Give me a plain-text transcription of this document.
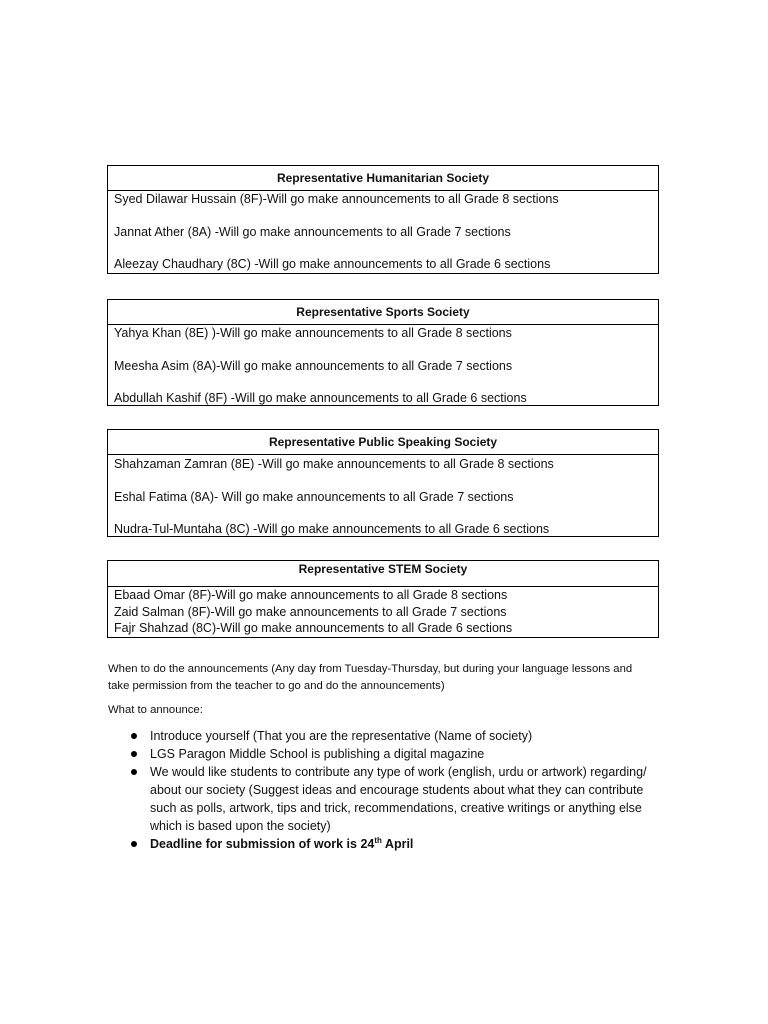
Representative Humanitarian Society
Syed Dilawar Hussain (8F)-Will go make announcements to all Grade 8 sections
Jannat Ather (8A) -Will go make announcements to all Grade 7 sections
Aleezay Chaudhary (8C) -Will go make announcements to all Grade 6 sections
Representative Sports Society
Yahya Khan (8E) )-Will go make announcements to all Grade 8 sections
Meesha Asim (8A)-Will go make announcements to all Grade 7 sections
Abdullah Kashif (8F) -Will go make announcements to all Grade 6 sections
Representative Public Speaking Society
Shahzaman Zamran (8E) -Will go make announcements to all Grade 8 sections
Eshal Fatima (8A)- Will go make announcements to all Grade 7 sections
Nudra-Tul-Muntaha (8C) -Will go make announcements to all Grade 6 sections
Representative STEM Society
Ebaad Omar (8F)-Will go make announcements to all Grade 8 sections
Zaid Salman (8F)-Will go make announcements to all Grade 7 sections
Fajr Shahzad (8C)-Will go make announcements to all Grade 6 sections
When to do the announcements (Any day from Tuesday-Thursday, but during your language lessons and
take permission from the teacher to go and do the announcements)
What to announce:
Introduce yourself (That you are the representative (Name of society)
LGS Paragon Middle School is publishing a digital magazine
We would like students to contribute any type of work (english, urdu or artwork) regarding/ about our society (Suggest ideas and encourage students about what they can contribute such as polls, artwork, tips and trick, recommendations, creative writings or anything else which is based upon the society)
Deadline for submission of work is 24th April
